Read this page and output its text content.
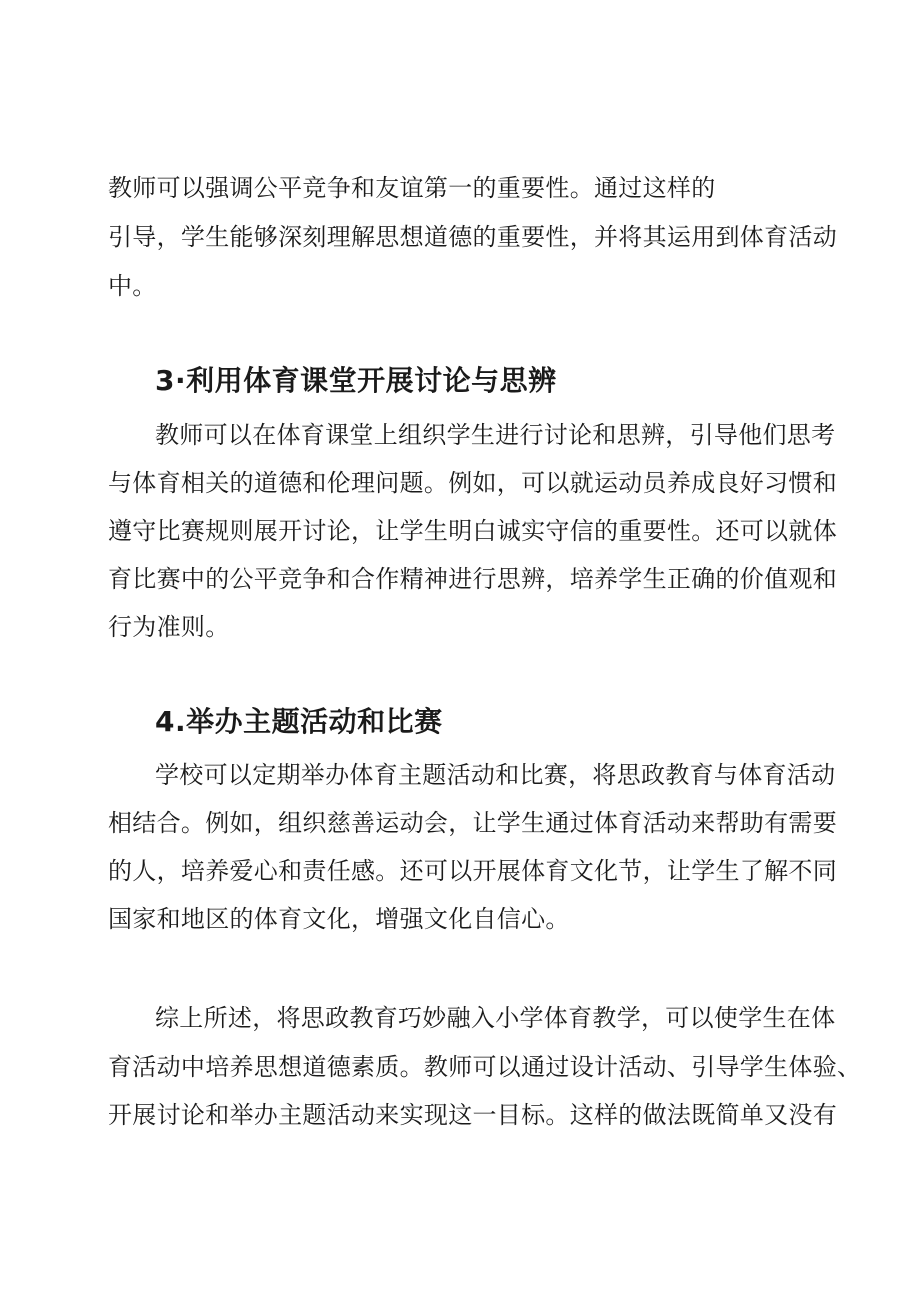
教师可以强调公平竞争和友谊第一的重要性。通过这样的
引导，学生能够深刻理解思想道德的重要性，并将其运用到体育活动
中。
3·利用体育课堂开展讨论与思辨
教师可以在体育课堂上组织学生进行讨论和思辨，引导他们思考
与体育相关的道德和伦理问题。例如，可以就运动员养成良好习惯和
遵守比赛规则展开讨论，让学生明白诚实守信的重要性。还可以就体
育比赛中的公平竞争和合作精神进行思辨，培养学生正确的价值观和
行为准则。
4.举办主题活动和比赛
学校可以定期举办体育主题活动和比赛，将思政教育与体育活动
相结合。例如，组织慈善运动会，让学生通过体育活动来帮助有需要
的人，培养爱心和责任感。还可以开展体育文化节，让学生了解不同
国家和地区的体育文化，增强文化自信心。
综上所述，将思政教育巧妙融入小学体育教学，可以使学生在体
育活动中培养思想道德素质。教师可以通过设计活动、引导学生体验、
开展讨论和举办主题活动来实现这一目标。这样的做法既简单又没有
